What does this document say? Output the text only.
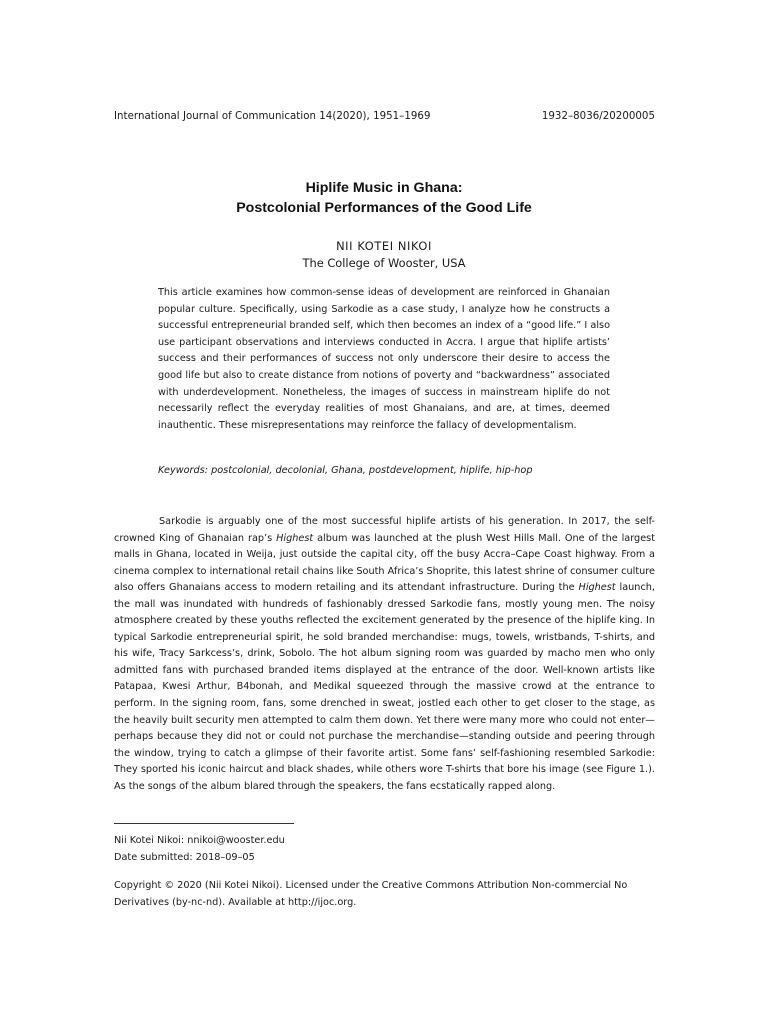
International Journal of Communication 14(2020), 1951–1969	1932–8036/20200005
Hiplife Music in Ghana:
Postcolonial Performances of the Good Life
NII KOTEI NIKOI
The College of Wooster, USA
This article examines how common-sense ideas of development are reinforced in Ghanaian popular culture. Specifically, using Sarkodie as a case study, I analyze how he constructs a successful entrepreneurial branded self, which then becomes an index of a “good life.” I also use participant observations and interviews conducted in Accra. I argue that hiplife artists’ success and their performances of success not only underscore their desire to access the good life but also to create distance from notions of poverty and “backwardness” associated with underdevelopment. Nonetheless, the images of success in mainstream hiplife do not necessarily reflect the everyday realities of most Ghanaians, and are, at times, deemed inauthentic. These misrepresentations may reinforce the fallacy of developmentalism.
Keywords: postcolonial, decolonial, Ghana, postdevelopment, hiplife, hip-hop
Sarkodie is arguably one of the most successful hiplife artists of his generation. In 2017, the self-crowned King of Ghanaian rap’s Highest album was launched at the plush West Hills Mall. One of the largest malls in Ghana, located in Weija, just outside the capital city, off the busy Accra–Cape Coast highway. From a cinema complex to international retail chains like South Africa’s Shoprite, this latest shrine of consumer culture also offers Ghanaians access to modern retailing and its attendant infrastructure. During the Highest launch, the mall was inundated with hundreds of fashionably dressed Sarkodie fans, mostly young men. The noisy atmosphere created by these youths reflected the excitement generated by the presence of the hiplife king. In typical Sarkodie entrepreneurial spirit, he sold branded merchandise: mugs, towels, wristbands, T-shirts, and his wife, Tracy Sarkcess’s, drink, Sobolo. The hot album signing room was guarded by macho men who only admitted fans with purchased branded items displayed at the entrance of the door. Well-known artists like Patapaa, Kwesi Arthur, B4bonah, and Medikal squeezed through the massive crowd at the entrance to perform. In the signing room, fans, some drenched in sweat, jostled each other to get closer to the stage, as the heavily built security men attempted to calm them down. Yet there were many more who could not enter—perhaps because they did not or could not purchase the merchandise—standing outside and peering through the window, trying to catch a glimpse of their favorite artist. Some fans’ self-fashioning resembled Sarkodie: They sported his iconic haircut and black shades, while others wore T-shirts that bore his image (see Figure 1.). As the songs of the album blared through the speakers, the fans ecstatically rapped along.
Nii Kotei Nikoi: nnikoi@wooster.edu
Date submitted: 2018–09–05
Copyright © 2020 (Nii Kotei Nikoi). Licensed under the Creative Commons Attribution Non-commercial No Derivatives (by-nc-nd). Available at http://ijoc.org.
